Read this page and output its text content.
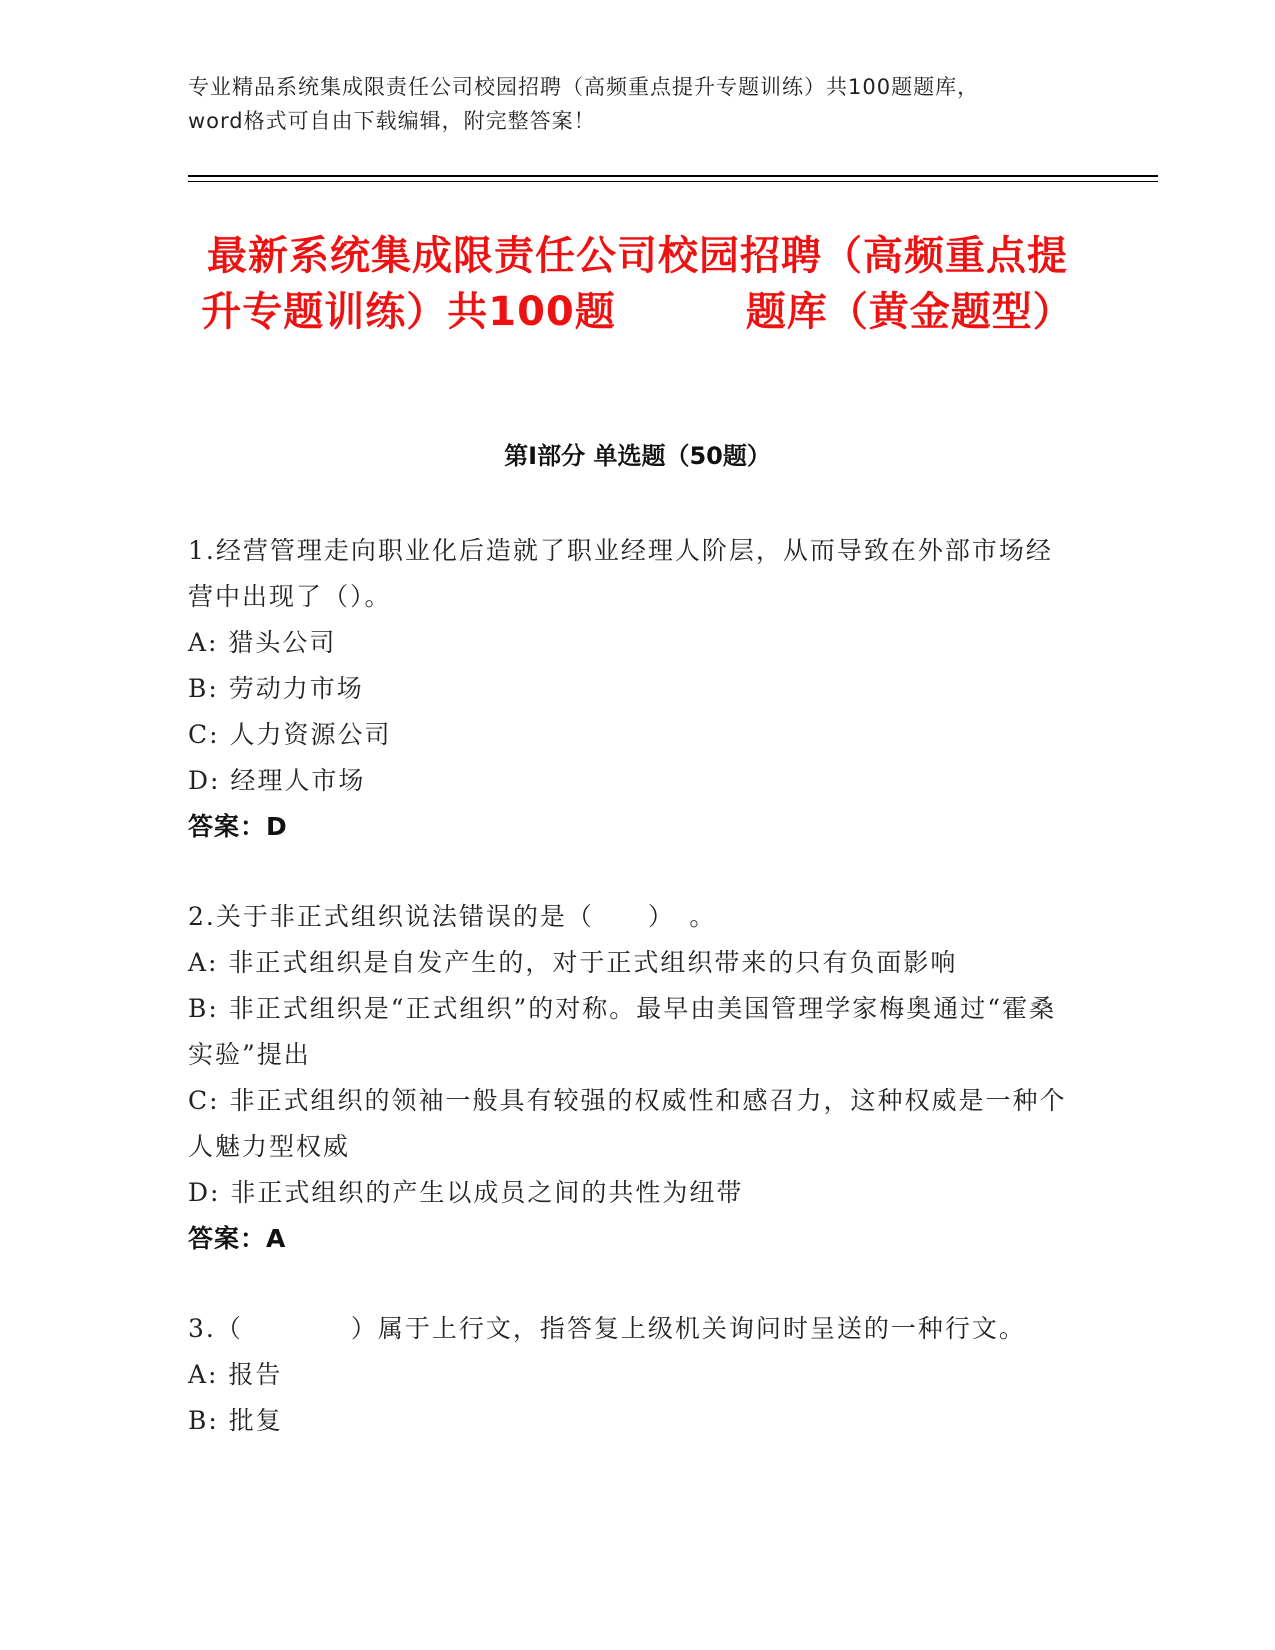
专业精品系统集成限责任公司校园招聘（高频重点提升专题训练）共100题题库，word格式可自由下载编辑，附完整答案！
最新系统集成限责任公司校园招聘（高频重点提升专题训练）共100题	题库（黄金题型）
第Ⅰ部分 单选题（50题）
1.经营管理走向职业化后造就了职业经理人阶层，从而导致在外部市场经营中出现了（）。
A: 猎头公司
B: 劳动力市场
C: 人力资源公司
D: 经理人市场
答案：D
2.关于非正式组织说法错误的是（　　）　。
A: 非正式组织是自发产生的，对于正式组织带来的只有负面影响
B: 非正式组织是“正式组织”的对称。最早由美国管理学家梅奥通过“霍桑实验”提出
C: 非正式组织的领袖一般具有较强的权威性和感召力，这种权威是一种个人魅力型权威
D: 非正式组织的产生以成员之间的共性为纽带
答案：A
3.（　　　　）属于上行文，指答复上级机关询问时呈送的一种行文。
A: 报告
B: 批复
